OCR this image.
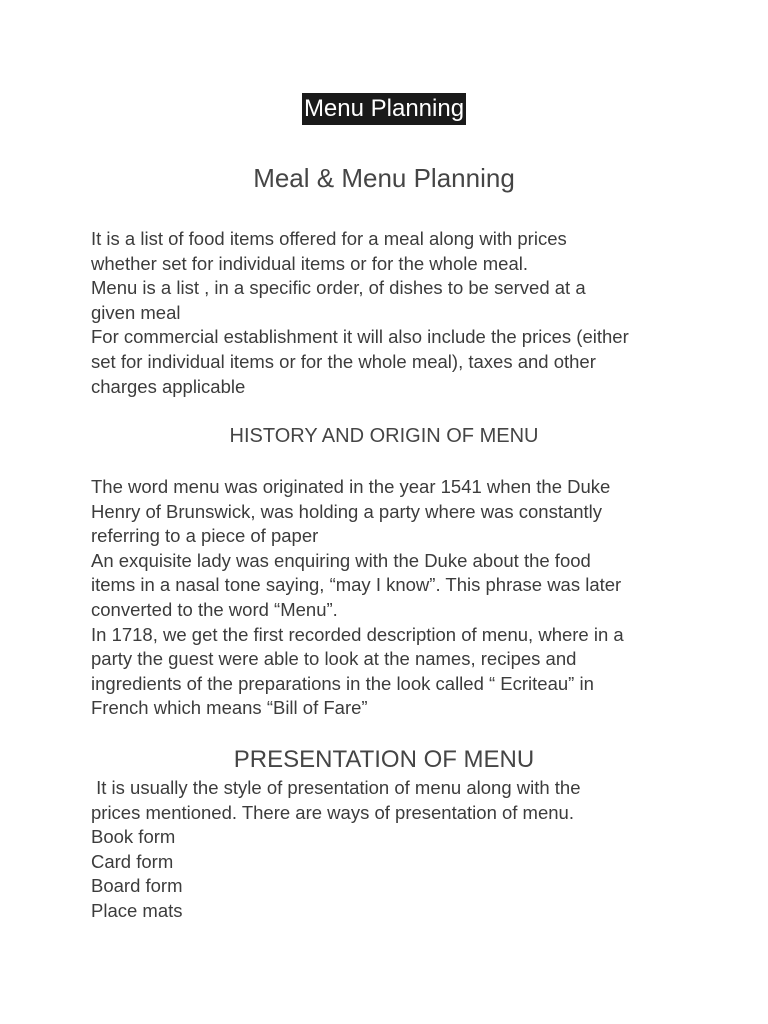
Menu Planning
Meal & Menu Planning
It is a list of food items offered for a meal along with prices
whether set for individual items or for the whole meal.
Menu is a list , in a specific order, of dishes to be served at a
given meal
For commercial establishment it will also include the prices (either
set for individual items or for the whole meal), taxes and other
charges applicable
HISTORY AND ORIGIN OF MENU
The word menu was originated in the year 1541 when the Duke
Henry of Brunswick, was holding a party where was constantly
referring to a piece of paper
An exquisite lady was enquiring with the Duke about the food
items in a nasal tone saying, “may I know”. This phrase was later
converted to the word “Menu”.
In 1718, we get the first recorded description of menu, where in a
party the guest were able to look at the names, recipes and
ingredients of the preparations in the look called “ Ecriteau” in
French which means “Bill of Fare”
PRESENTATION OF MENU
It is usually the style of presentation of menu along with the
prices mentioned. There are ways of presentation of menu.
Book form
Card form
Board form
Place mats
